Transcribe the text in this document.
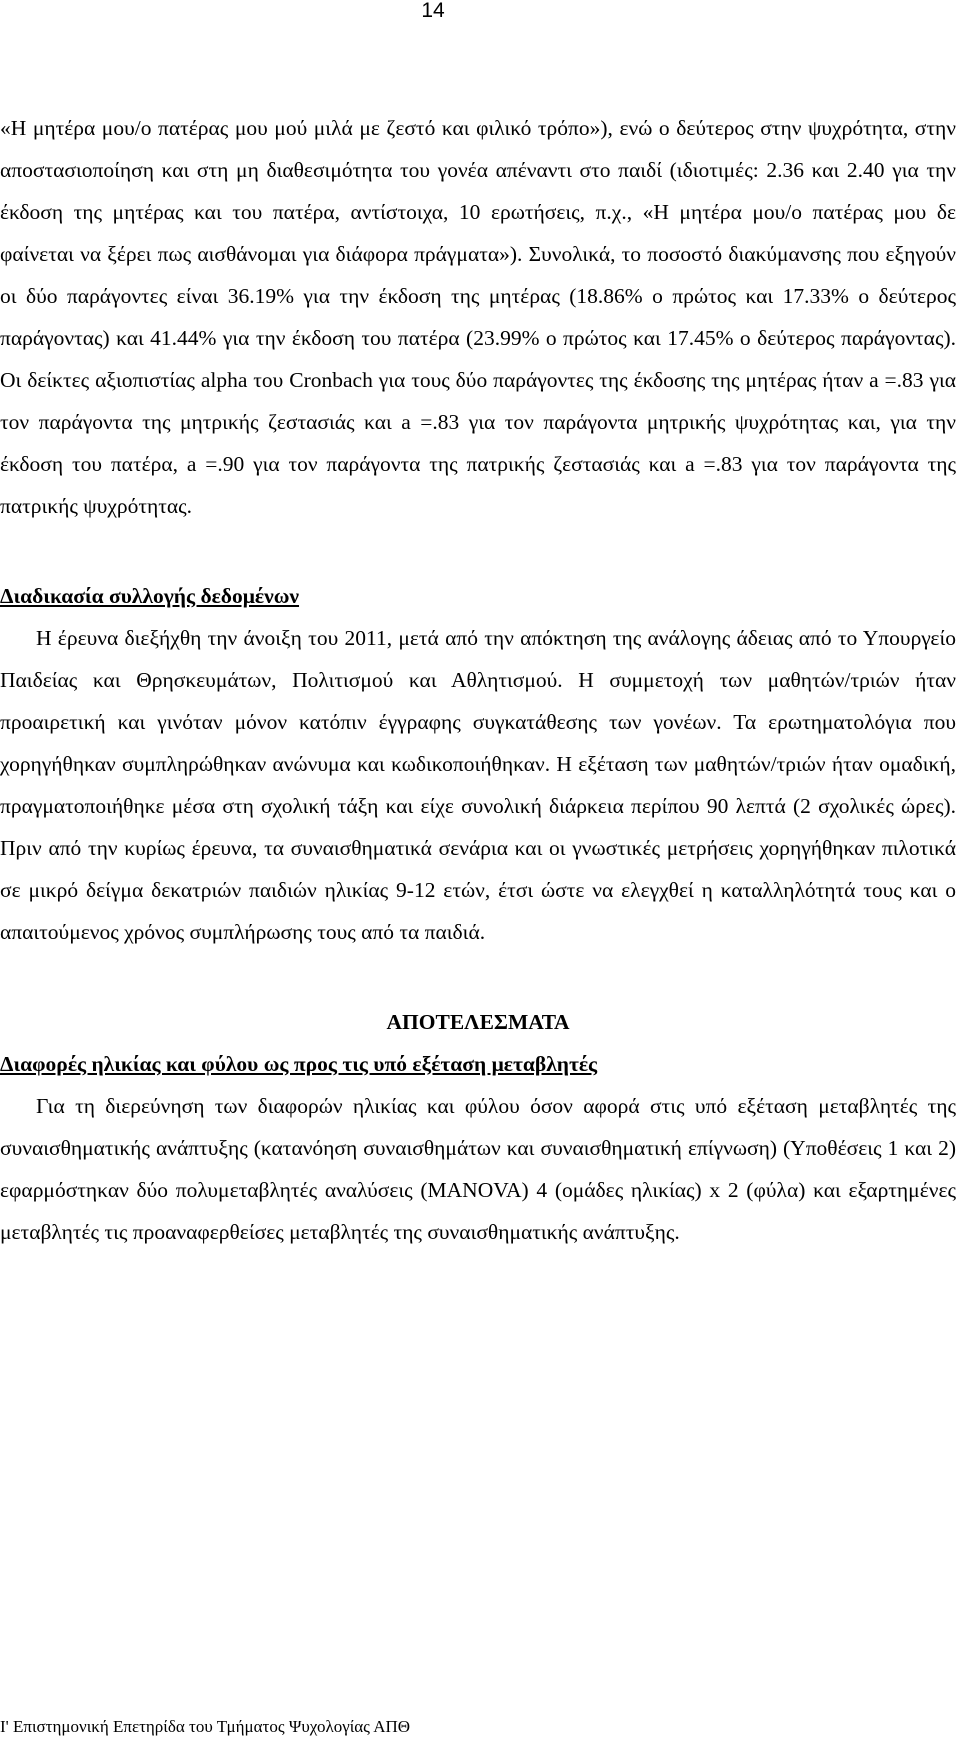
14

«Η μητέρα μου/ο πατέρας μου μού μιλά με ζεστό και φιλικό τρόπο»), ενώ ο δεύτερος στην ψυχρότητα, στην αποστασιοποίηση και στη μη διαθεσιμότητα του γονέα απέναντι στο παιδί (ιδιοτιμές: 2.36 και 2.40 για την έκδοση της μητέρας και του πατέρα, αντίστοιχα, 10 ερωτήσεις, π.χ., «Η μητέρα μου/ο πατέρας μου δε φαίνεται να ξέρει πως αισθάνομαι για διάφορα πράγματα»). Συνολικά, το ποσοστό διακύμανσης που εξηγούν οι δύο παράγοντες είναι 36.19% για την έκδοση της μητέρας (18.86% ο πρώτος και 17.33% ο δεύτερος παράγοντας) και 41.44% για την έκδοση του πατέρα (23.99% ο πρώτος και 17.45% ο δεύτερος παράγοντας). Οι δείκτες αξιοπιστίας alpha του Cronbach για τους δύο παράγοντες της έκδοσης της μητέρας ήταν a =.83 για τον παράγοντα της μητρικής ζεστασιάς και a =.83 για τον παράγοντα μητρικής ψυχρότητας και, για την έκδοση του πατέρα, a =.90 για τον παράγοντα της πατρικής ζεστασιάς και a =.83 για τον παράγοντα της πατρικής ψυχρότητας.

Διαδικασία συλλογής δεδομένων

Η έρευνα διεξήχθη την άνοιξη του 2011, μετά από την απόκτηση της ανάλογης άδειας από το Υπουργείο Παιδείας και Θρησκευμάτων, Πολιτισμού και Αθλητισμού. Η συμμετοχή των μαθητών/τριών ήταν προαιρετική και γινόταν μόνον κατόπιν έγγραφης συγκατάθεσης των γονέων. Τα ερωτηματολόγια που χορηγήθηκαν συμπληρώθηκαν ανώνυμα και κωδικοποιήθηκαν. Η εξέταση των μαθητών/τριών ήταν ομαδική, πραγματοποιήθηκε μέσα στη σχολική τάξη και είχε συνολική διάρκεια περίπου 90 λεπτά (2 σχολικές ώρες). Πριν από την κυρίως έρευνα, τα συναισθηματικά σενάρια και οι γνωστικές μετρήσεις χορηγήθηκαν πιλοτικά σε μικρό δείγμα δεκατριών παιδιών ηλικίας 9-12 ετών, έτσι ώστε να ελεγχθεί η καταλληλότητά τους και ο απαιτούμενος χρόνος συμπλήρωσης τους από τα παιδιά.

ΑΠΟΤΕΛΕΣΜΑΤΑ

Διαφορές ηλικίας και φύλου ως προς τις υπό εξέταση μεταβλητές

Για τη διερεύνηση των διαφορών ηλικίας και φύλου όσον αφορά στις υπό εξέταση μεταβλητές της συναισθηματικής ανάπτυξης (κατανόηση συναισθημάτων και συναισθηματική επίγνωση) (Υποθέσεις 1 και 2) εφαρμόστηκαν δύο πολυμεταβλητές αναλύσεις (MANOVA) 4 (ομάδες ηλικίας) x 2 (φύλα) και εξαρτημένες μεταβλητές τις προαναφερθείσες μεταβλητές της συναισθηματικής ανάπτυξης.

Ι' Επιστημονική Επετηρίδα του Τμήματος Ψυχολογίας ΑΠΘ
